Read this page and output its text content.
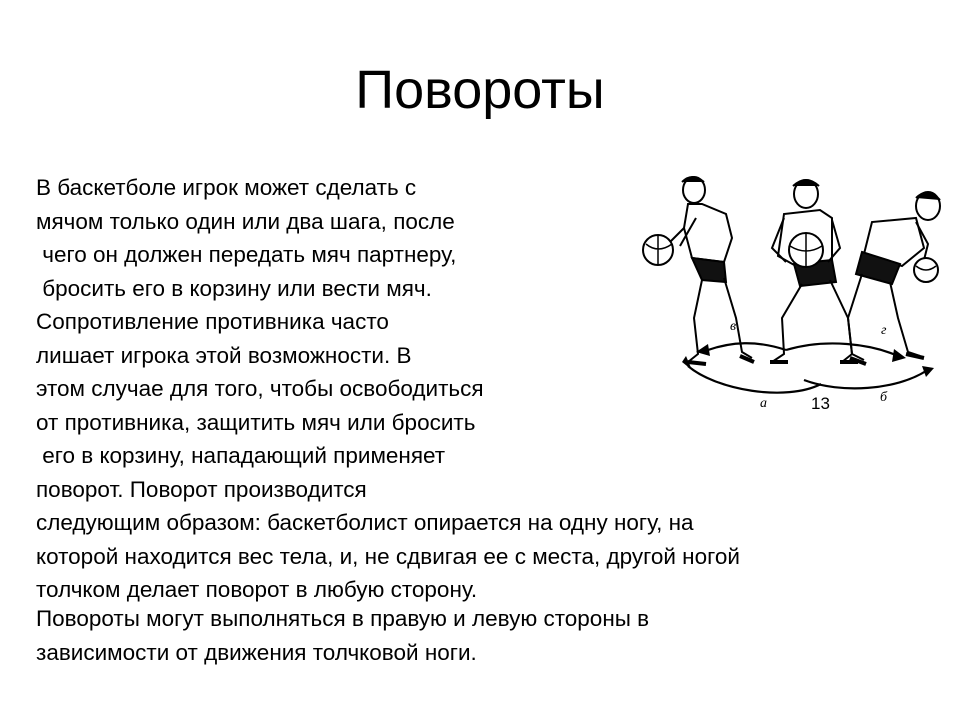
Повороты
В баскетболе игрок может сделать с
мячом только один или два шага, после
чего он должен передать мяч партнеру,
бросить его в корзину или вести мяч.
Сопротивление противника часто
лишает игрока этой возможности. В
этом случае для того, чтобы освободиться
от противника, защитить мяч или бросить
его в корзину, нападающий применяет
поворот. Поворот производится
следующим образом: баскетболист опирается на одну ногу, на
которой находится вес тела, и, не сдвигая ее с места, другой ногой
толчком делает поворот в любую сторону.
Повороты могут выполняться в правую и левую стороны в
зависимости от движения толчковой ноги.
в	г
а	б
13
